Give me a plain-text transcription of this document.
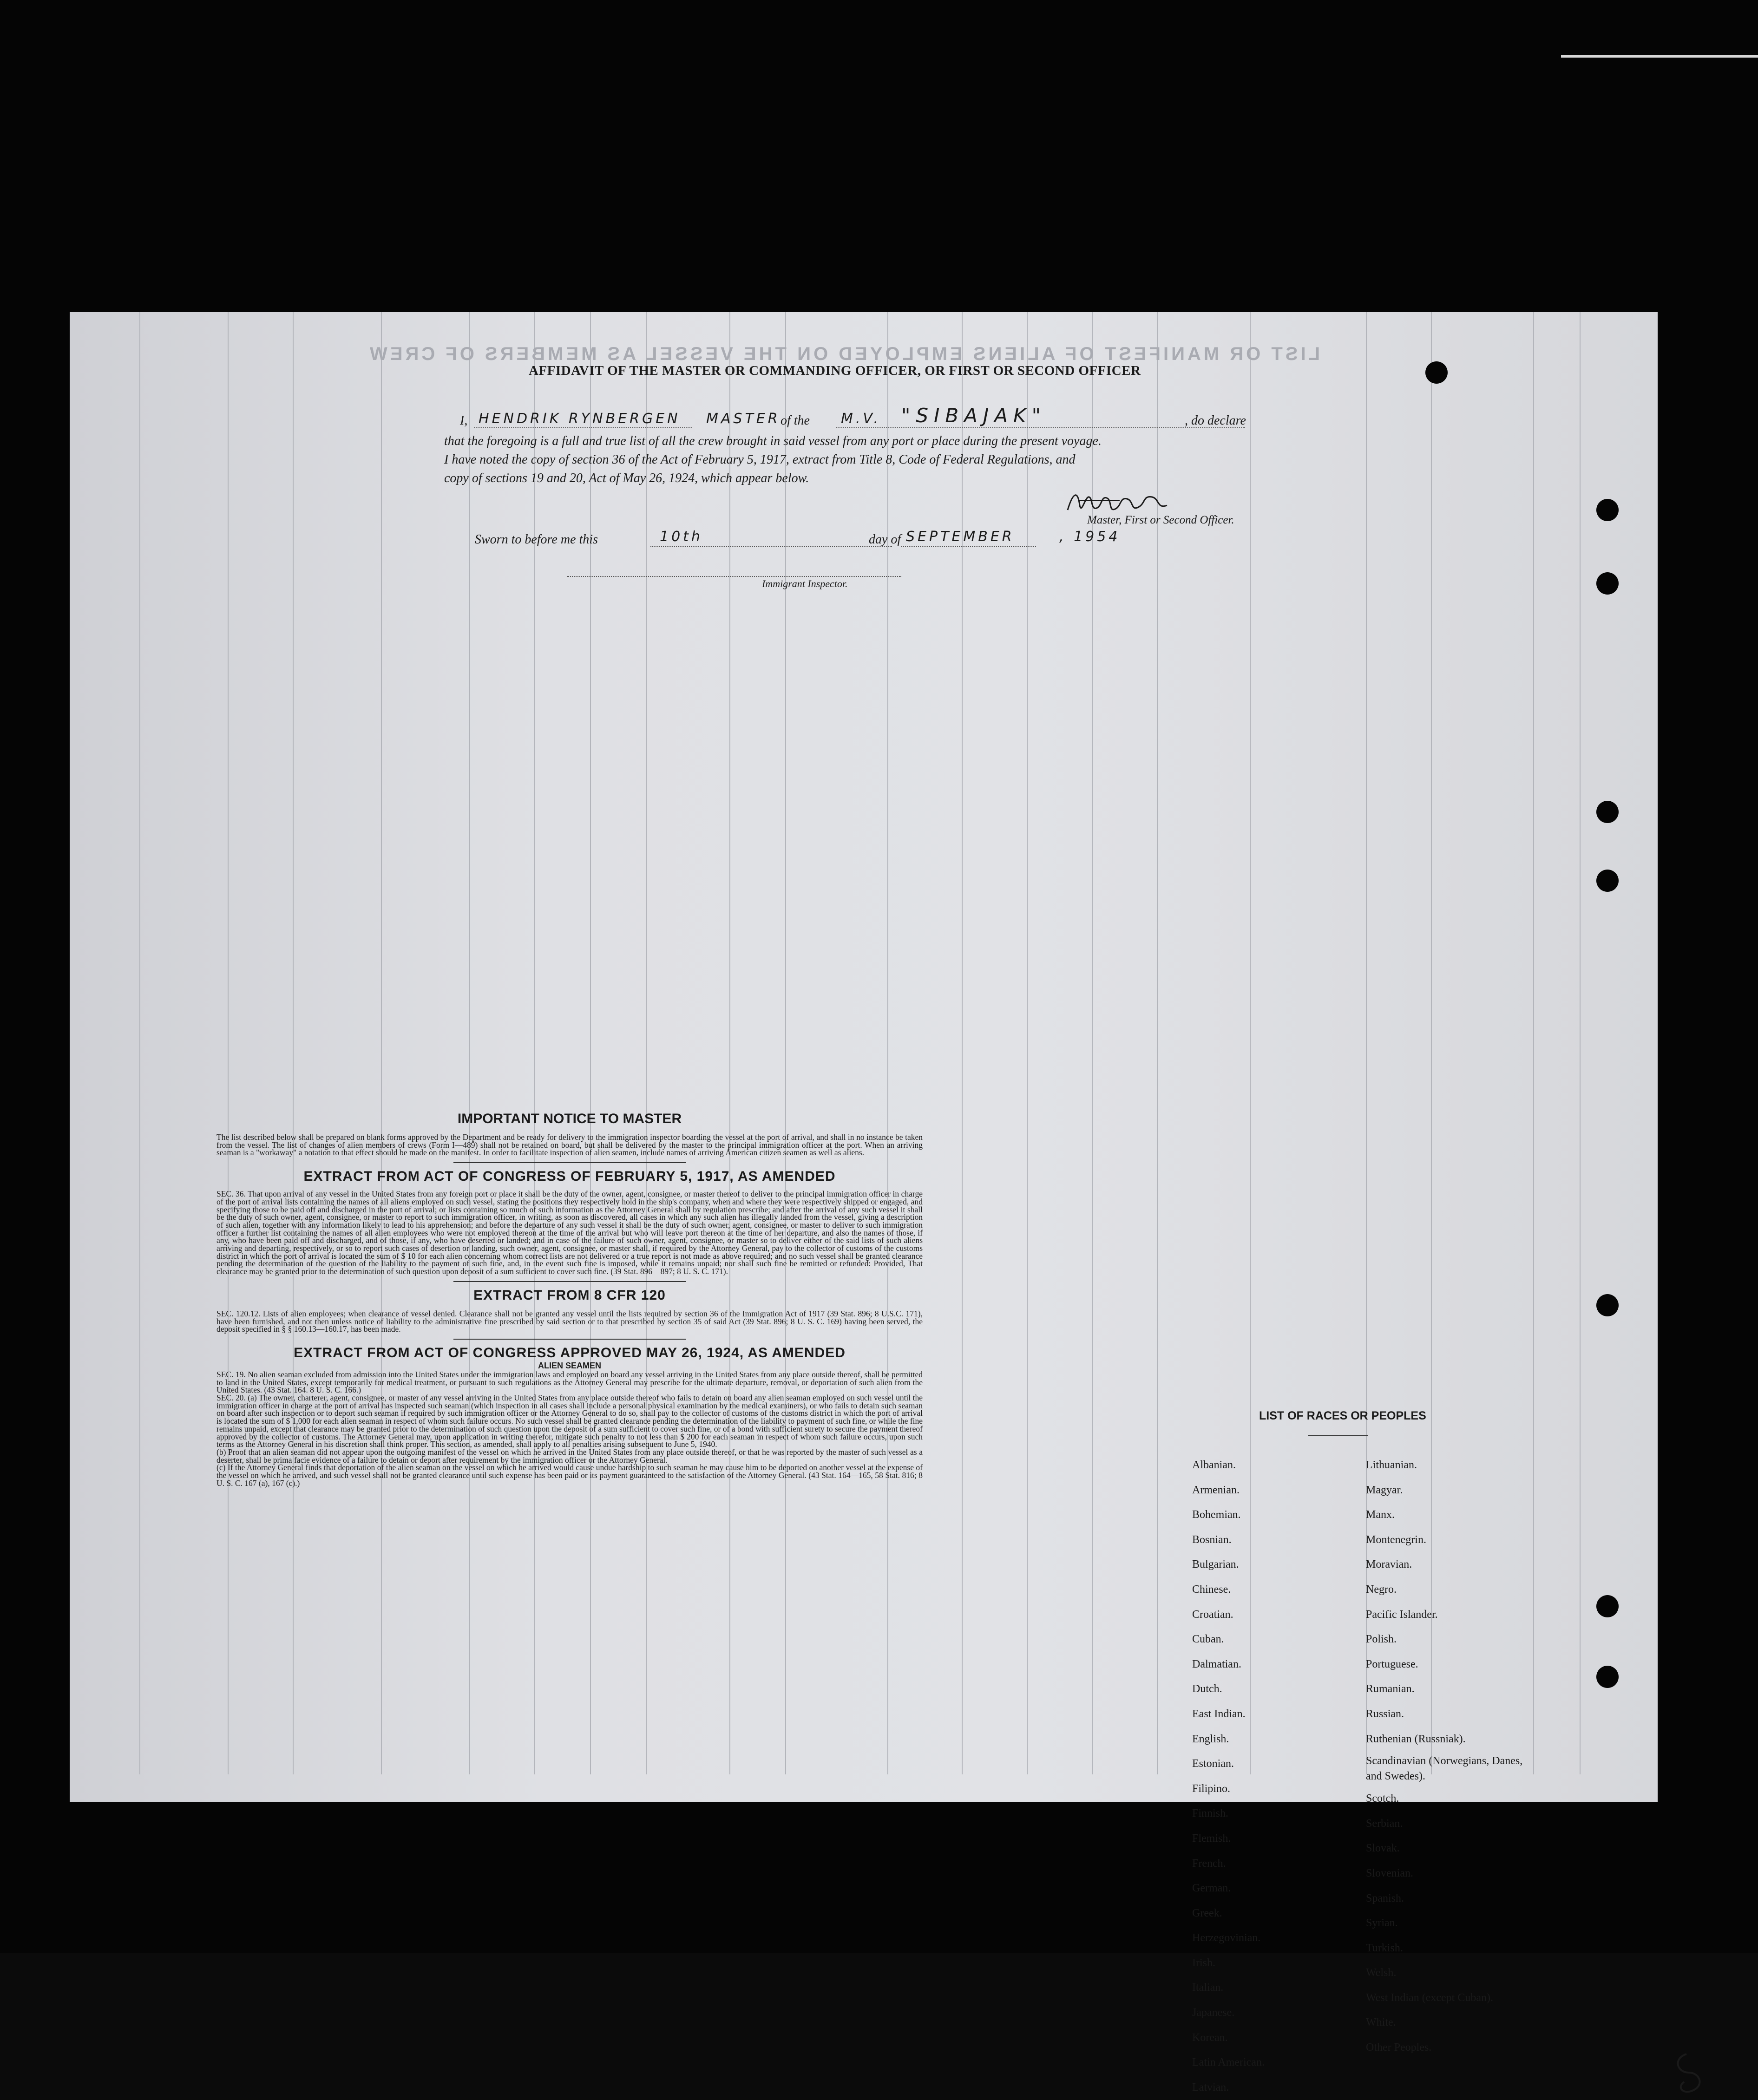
LIST OR MANIFEST OF ALIENS EMPLOYED ON THE VESSEL AS MEMBERS OF CREW
AFFIDAVIT OF THE MASTER OR COMMANDING OFFICER, OR FIRST OR SECOND OFFICER
I, HENDRIK RYNBERGEN MASTER of the M.V. "SIBAJAK"	, do declare
that the foregoing is a full and true list of all the crew brought in said vessel from any port or place during the present voyage.
I have noted the copy of section 36 of the Act of February 5, 1917, extract from Title 8, Code of Federal Regulations, and
copy of sections 19 and 20, Act of May 26, 1924, which appear below.
Master, First or Second Officer.
Sworn to before me this	10th	day of SEPTEMBER	, 1954
Immigrant Inspector.
IMPORTANT NOTICE TO MASTER

The list described below shall be prepared on blank forms approved by the Department and be ready for delivery to the immigration inspector boarding the vessel at the port of arrival, and shall in no instance be taken from the vessel. The list of changes of alien members of crews (Form I—489) shall not be retained on board, but shall be delivered by the master to the principal immigration officer at the port. When an arriving seaman is a "workaway" a notation to that effect should be made on the manifest. In order to facilitate inspection of alien seamen, include names of arriving American citizen seamen as well as aliens.

EXTRACT FROM ACT OF CONGRESS OF FEBRUARY 5, 1917, AS AMENDED

SEC. 36. That upon arrival of any vessel in the United States from any foreign port or place it shall be the duty of the owner, agent, consignee, or master thereof to deliver to the principal immigration officer in charge of the port of arrival lists containing the names of all aliens employed on such vessel, stating the positions they respectively hold in the ship's company, when and where they were respectively shipped or engaged, and specifying those to be paid off and discharged in the port of arrival; or lists containing so much of such information as the Attorney General shall by regulation prescribe; and after the arrival of any such vessel it shall be the duty of such owner, agent, consignee, or master to report to such immigration officer, in writing, as soon as discovered, all cases in which any such alien has illegally landed from the vessel, giving a description of such alien, together with any information likely to lead to his apprehension; and before the departure of any such vessel it shall be the duty of such owner, agent, consignee, or master to deliver to such immigration officer a further list containing the names of all alien employees who were not employed thereon at the time of the arrival but who will leave port thereon at the time of her departure, and also the names of those, if any, who have been paid off and discharged, and of those, if any, who have deserted or landed; and in case of the failure of such owner, agent, consignee, or master so to deliver either of the said lists of such aliens arriving and departing, respectively, or so to report such cases of desertion or landing, such owner, agent, consignee, or master shall, if required by the Attorney General, pay to the collector of customs of the customs district in which the port of arrival is located the sum of $ 10 for each alien concerning whom correct lists are not delivered or a true report is not made as above required; and no such vessel shall be granted clearance pending the determination of the question of the liability to the payment of such fine, and, in the event such fine is imposed, while it remains unpaid; nor shall such fine be remitted or refunded: Provided, That clearance may be granted prior to the determination of such question upon deposit of a sum sufficient to cover such fine. (39 Stat. 896—897; 8 U. S. C. 171).

EXTRACT FROM 8 CFR 120

SEC. 120.12. Lists of alien employees; when clearance of vessel denied. Clearance shall not be granted any vessel until the lists required by section 36 of the Immigration Act of 1917 (39 Stat. 896; 8 U.S.C. 171), have been furnished, and not then unless notice of liability to the administrative fine prescribed by said section or to that prescribed by section 35 of said Act (39 Stat. 896; 8 U. S. C. 169) having been served, the deposit specified in § § 160.13—160.17, has been made.

EXTRACT FROM ACT OF CONGRESS APPROVED MAY 26, 1924, AS AMENDED
ALIEN SEAMEN

SEC. 19. No alien seaman excluded from admission into the United States under the immigration laws and employed on board any vessel arriving in the United States from any place outside thereof, shall be permitted to land in the United States, except temporarily for medical treatment, or pursuant to such regulations as the Attorney General may prescribe for the ultimate departure, removal, or deportation of such alien from the United States. (43 Stat. 164. 8 U. S. C. 166.)

SEC. 20. (a) The owner, charterer, agent, consignee, or master of any vessel arriving in the United States from any place outside thereof who fails to detain on board any alien seaman employed on such vessel until the immigration officer in charge at the port of arrival has inspected such seaman (which inspection in all cases shall include a personal physical examination by the medical examiners), or who fails to detain such seaman on board after such inspection or to deport such seaman if required by such immigration officer or the Attorney General to do so, shall pay to the collector of customs of the customs district in which the port of arrival is located the sum of $ 1,000 for each alien seaman in respect of whom such failure occurs. No such vessel shall be granted clearance pending the determination of the liability to payment of such fine, or while the fine remains unpaid, except that clearance may be granted prior to the determination of such question upon the deposit of a sum sufficient to cover such fine, or of a bond with sufficient surety to secure the payment thereof approved by the collector of customs. The Attorney General may, upon application in writing therefor, mitigate such penalty to not less than $ 200 for each seaman in respect of whom such failure occurs, upon such terms as the Attorney General in his discretion shall think proper. This section, as amended, shall apply to all penalties arising subsequent to June 5, 1940.

(b) Proof that an alien seaman did not appear upon the outgoing manifest of the vessel on which he arrived in the United States from any place outside thereof, or that he was reported by the master of such vessel as a deserter, shall be prima facie evidence of a failure to detain or deport after requirement by the immigration officer or the Attorney General.

(c) If the Attorney General finds that deportation of the alien seaman on the vessel on which he arrived would cause undue hardship to such seaman he may cause him to be deported on another vessel at the expense of the vessel on which he arrived, and such vessel shall not be granted clearance until such expense has been paid or its payment guaranteed to the satisfaction of the Attorney General. (43 Stat. 164—165, 58 Stat. 816; 8 U. S. C. 167 (a), 167 (c).)

LIST OF RACES OR PEOPLES
Albanian.
Armenian.
Bohemian.
Bosnian.
Bulgarian.
Chinese.
Croatian.
Cuban.
Dalmatian.
Dutch.
East Indian.
English.
Estonian.
Filipino.
Finnish.
Flemish.
French.
German.
Greek.
Herzegovinian.
Irish.
Italian.
Japanese.
Korean.
Latin American.
Latvian.
Lithuanian.
Magyar.
Manx.
Montenegrin.
Moravian.
Negro.
Pacific Islander.
Polish.
Portuguese.
Rumanian.
Russian.
Ruthenian (Russniak).
Scandinavian (Norwegians, Danes, and Swedes).
Scotch.
Serbian.
Slovak.
Slovenian.
Spanish.
Syrian.
Turkish.
Welsh.
West Indian (except Cuban).
White.
Other Peoples.
